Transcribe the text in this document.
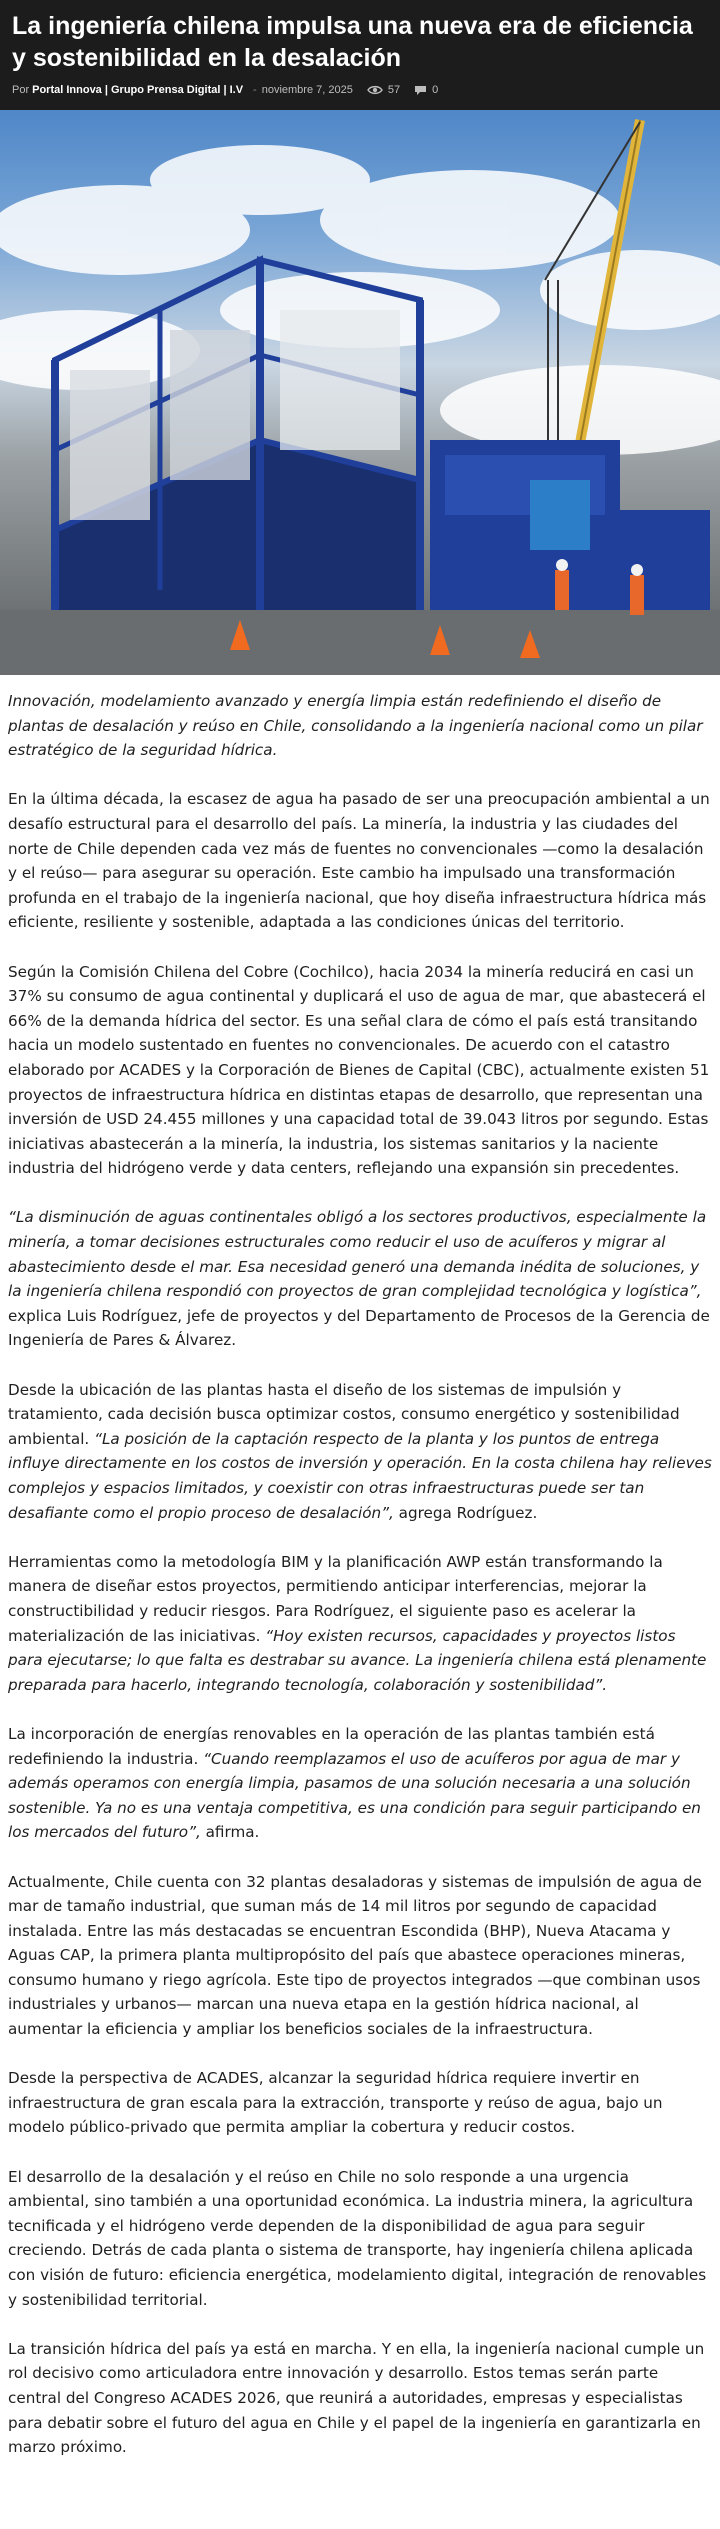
La ingeniería chilena impulsa una nueva era de eficiencia y sostenibilidad en la desalación
Por Portal Innova | Grupo Prensa Digital | I.V - noviembre 7, 2025	57	0

Innovación, modelamiento avanzado y energía limpia están redefiniendo el diseño de plantas de desalación y reúso en Chile, consolidando a la ingeniería nacional como un pilar estratégico de la seguridad hídrica.

En la última década, la escasez de agua ha pasado de ser una preocupación ambiental a un desafío estructural para el desarrollo del país. La minería, la industria y las ciudades del norte de Chile dependen cada vez más de fuentes no convencionales —como la desalación y el reúso— para asegurar su operación. Este cambio ha impulsado una transformación profunda en el trabajo de la ingeniería nacional, que hoy diseña infraestructura hídrica más eficiente, resiliente y sostenible, adaptada a las condiciones únicas del territorio.

Según la Comisión Chilena del Cobre (Cochilco), hacia 2034 la minería reducirá en casi un 37% su consumo de agua continental y duplicará el uso de agua de mar, que abastecerá el 66% de la demanda hídrica del sector. Es una señal clara de cómo el país está transitando hacia un modelo sustentado en fuentes no convencionales. De acuerdo con el catastro elaborado por ACADES y la Corporación de Bienes de Capital (CBC), actualmente existen 51 proyectos de infraestructura hídrica en distintas etapas de desarrollo, que representan una inversión de USD 24.455 millones y una capacidad total de 39.043 litros por segundo. Estas iniciativas abastecerán a la minería, la industria, los sistemas sanitarios y la naciente industria del hidrógeno verde y data centers, reflejando una expansión sin precedentes.

“La disminución de aguas continentales obligó a los sectores productivos, especialmente la minería, a tomar decisiones estructurales como reducir el uso de acuíferos y migrar al abastecimiento desde el mar. Esa necesidad generó una demanda inédita de soluciones, y la ingeniería chilena respondió con proyectos de gran complejidad tecnológica y logística”, explica Luis Rodríguez, jefe de proyectos y del Departamento de Procesos de la Gerencia de Ingeniería de Pares & Álvarez.

Desde la ubicación de las plantas hasta el diseño de los sistemas de impulsión y tratamiento, cada decisión busca optimizar costos, consumo energético y sostenibilidad ambiental. “La posición de la captación respecto de la planta y los puntos de entrega influye directamente en los costos de inversión y operación. En la costa chilena hay relieves complejos y espacios limitados, y coexistir con otras infraestructuras puede ser tan desafiante como el propio proceso de desalación”, agrega Rodríguez.

Herramientas como la metodología BIM y la planificación AWP están transformando la manera de diseñar estos proyectos, permitiendo anticipar interferencias, mejorar la constructibilidad y reducir riesgos. Para Rodríguez, el siguiente paso es acelerar la materialización de las iniciativas. “Hoy existen recursos, capacidades y proyectos listos para ejecutarse; lo que falta es destrabar su avance. La ingeniería chilena está plenamente preparada para hacerlo, integrando tecnología, colaboración y sostenibilidad”.

La incorporación de energías renovables en la operación de las plantas también está redefiniendo la industria. “Cuando reemplazamos el uso de acuíferos por agua de mar y además operamos con energía limpia, pasamos de una solución necesaria a una solución sostenible. Ya no es una ventaja competitiva, es una condición para seguir participando en los mercados del futuro”, afirma.

Actualmente, Chile cuenta con 32 plantas desaladoras y sistemas de impulsión de agua de mar de tamaño industrial, que suman más de 14 mil litros por segundo de capacidad instalada. Entre las más destacadas se encuentran Escondida (BHP), Nueva Atacama y Aguas CAP, la primera planta multipropósito del país que abastece operaciones mineras, consumo humano y riego agrícola. Este tipo de proyectos integrados —que combinan usos industriales y urbanos— marcan una nueva etapa en la gestión hídrica nacional, al aumentar la eficiencia y ampliar los beneficios sociales de la infraestructura.

Desde la perspectiva de ACADES, alcanzar la seguridad hídrica requiere invertir en infraestructura de gran escala para la extracción, transporte y reúso de agua, bajo un modelo público-privado que permita ampliar la cobertura y reducir costos.

El desarrollo de la desalación y el reúso en Chile no solo responde a una urgencia ambiental, sino también a una oportunidad económica. La industria minera, la agricultura tecnificada y el hidrógeno verde dependen de la disponibilidad de agua para seguir creciendo. Detrás de cada planta o sistema de transporte, hay ingeniería chilena aplicada con visión de futuro: eficiencia energética, modelamiento digital, integración de renovables y sostenibilidad territorial.

La transición hídrica del país ya está en marcha. Y en ella, la ingeniería nacional cumple un rol decisivo como articuladora entre innovación y desarrollo. Estos temas serán parte central del Congreso ACADES 2026, que reunirá a autoridades, empresas y especialistas para debatir sobre el futuro del agua en Chile y el papel de la ingeniería en garantizarla en marzo próximo.
